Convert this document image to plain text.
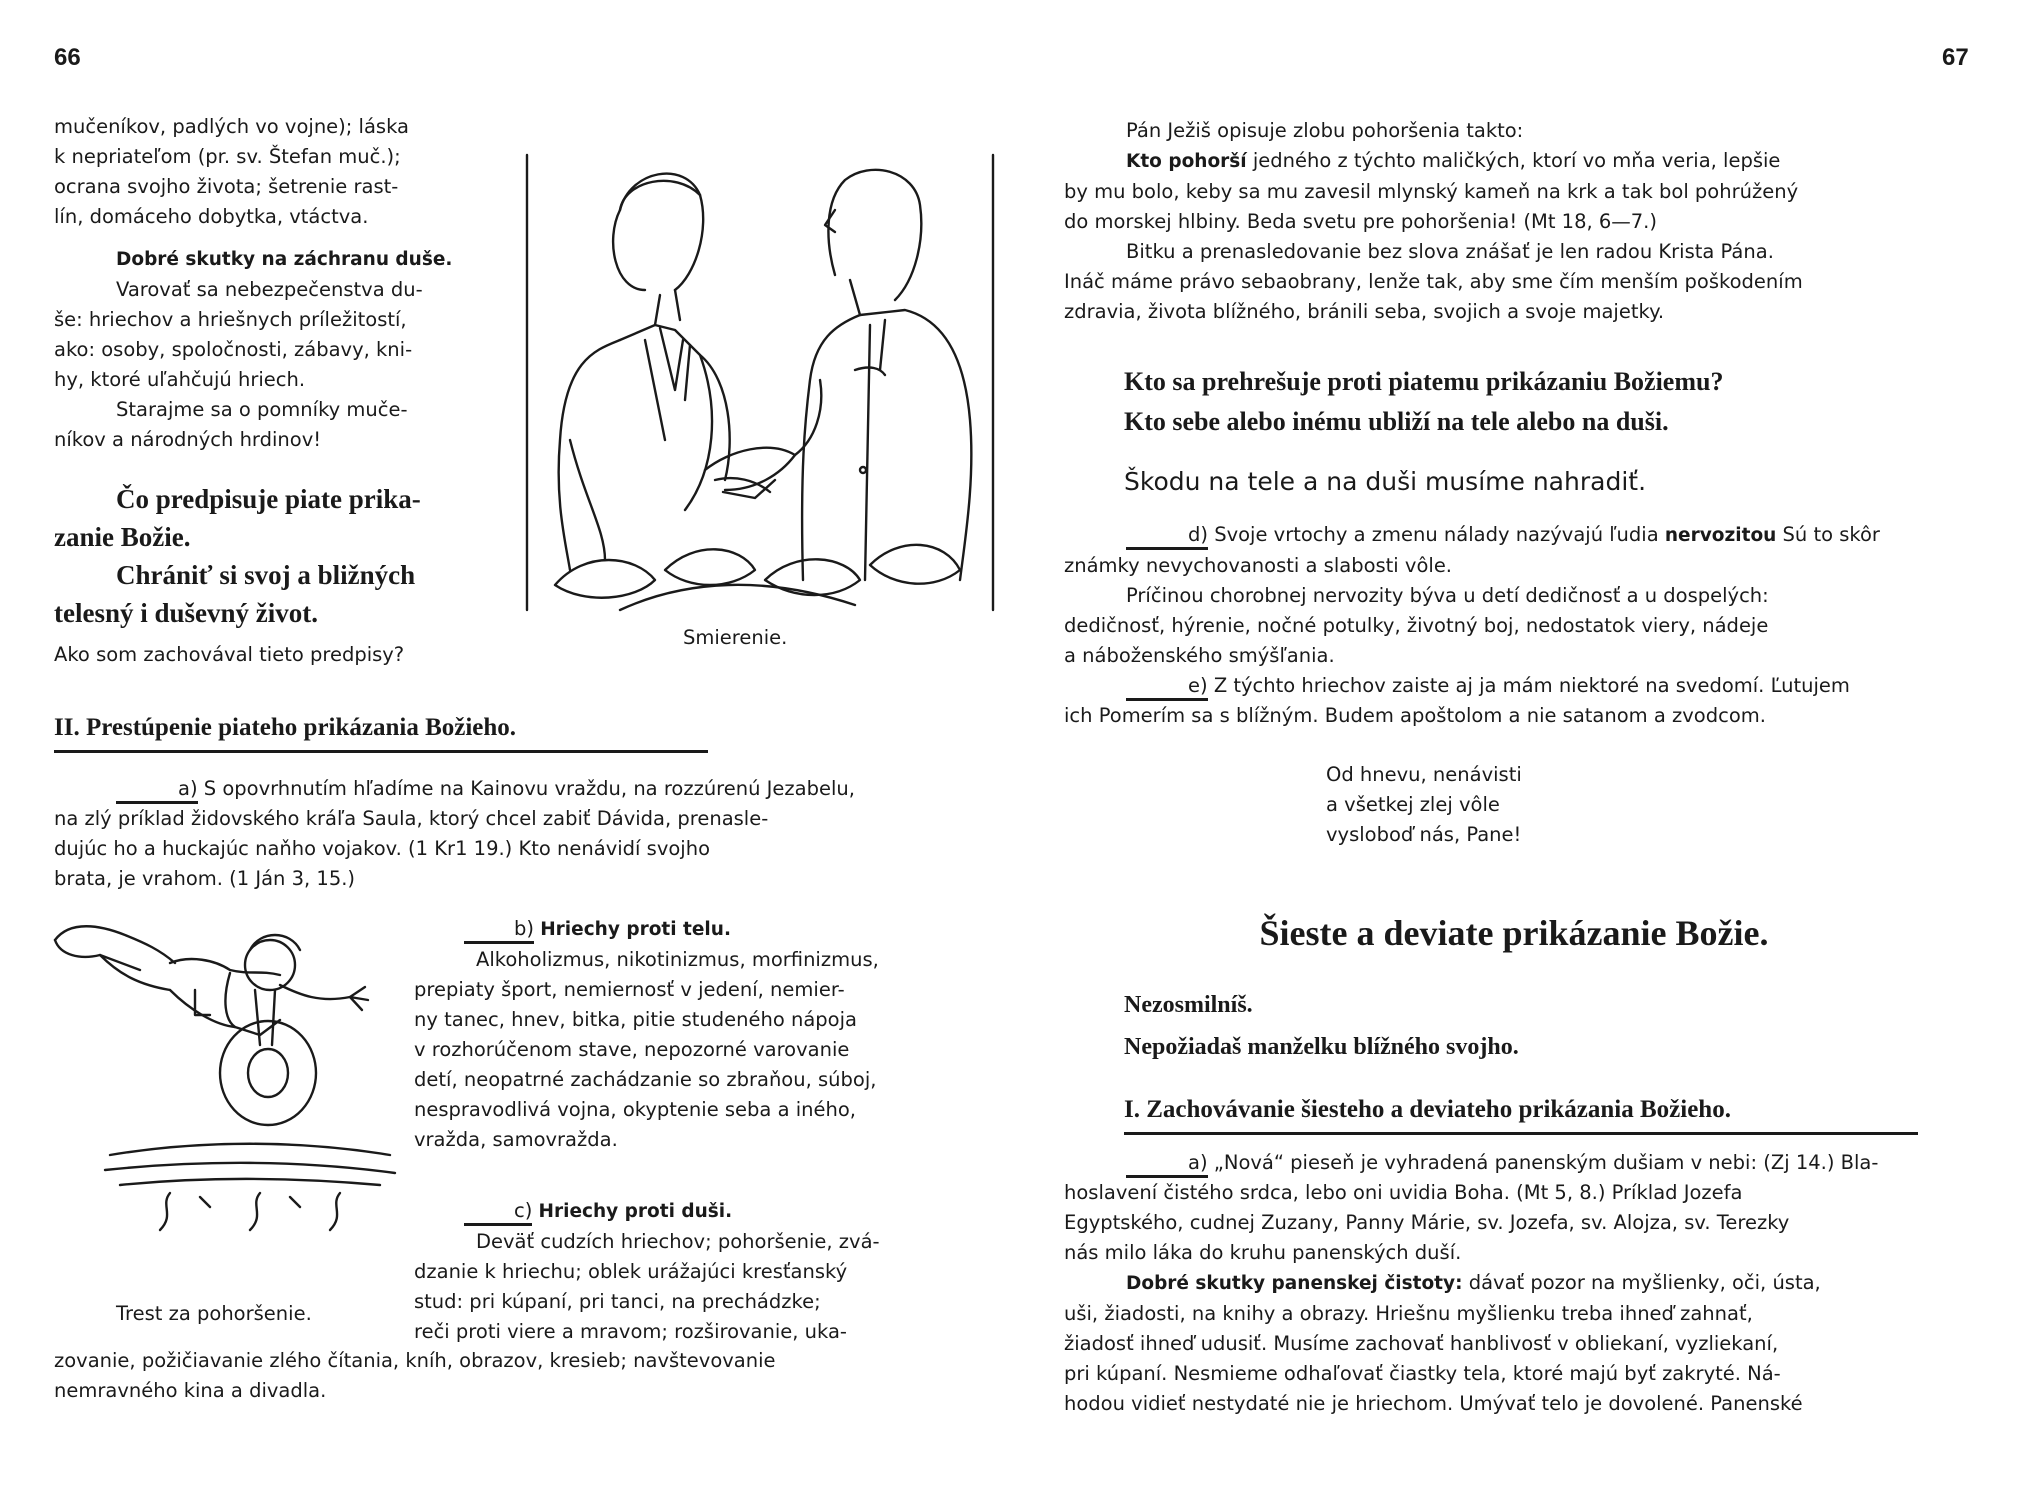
66

mučeníkov, padlých vo vojne); láska

k nepriateľom (pr. sv. Štefan muč.);

ocrana svojho života; šetrenie rast-

lín, domáceho dobytka, vtáctva.

Dobré skutky na záchranu duše.

Varovať sa nebezpečenstva du-

še: hriechov a hriešnych príležitostí,

ako: osoby, spoločnosti, zábavy, kni-

hy, ktoré uľahčujú hriech.

Starajme sa o pomníky muče-

níkov a národných hrdinov!

Čo predpisuje piate prika-

zanie Božie.

Chrániť si svoj a bližných

telesný i duševný život.

Ako som zachovával tieto predpisy?
Smierenie.
II. Prestúpenie piateho prikázania Božieho.

a) S opovrhnutím hľadíme na Kainovu vraždu, na rozzúrenú Jezabelu,

na zlý príklad židovského kráľa Saula, ktorý chcel zabiť Dávida, prenasle-

dujúc ho a huckajúc naňho vojakov. (1 Kr1 19.) Kto nenávidí svojho

brata, je vrahom. (1 Ján 3, 15.)

Trest za pohoršenie.

b) Hriechy proti telu.

Alkoholizmus, nikotinizmus, morfinizmus,

prepiaty šport, nemiernosť v jedení, nemier-

ny tanec, hnev, bitka, pitie studeného nápoja

v rozhorúčenom stave, nepozorné varovanie

detí, neopatrné zachádzanie so zbraňou, súboj,

nespravodlivá vojna, okyptenie seba a iného,

vražda, samovražda.

c) Hriechy proti duši.

Deväť cudzích hriechov; pohoršenie, zvá-

dzanie k hriechu; oblek urážajúci kresťanský

stud: pri kúpaní, pri tanci, na prechádzke;

reči proti viere a mravom; rozširovanie, uka-

zovanie, požičiavanie zlého čítania, kníh, obrazov, kresieb; navštevovanie

nemravného kina a divadla.

67

Pán Ježiš opisuje zlobu pohoršenia takto:

Kto pohorší jedného z týchto maličkých, ktorí vo mňa veria, lepšie

by mu bolo, keby sa mu zavesil mlynský kameň na krk a tak bol pohrúžený

do morskej hlbiny. Beda svetu pre pohoršenia! (Mt 18, 6—7.)

Bitku a prenasledovanie bez slova znášať je len radou Krista Pána.

Ináč máme právo sebaobrany, lenže tak, aby sme čím menším poškodením

zdravia, života blížného, bránili seba, svojich a svoje majetky.

Kto sa prehrešuje proti piatemu prikázaniu Božiemu?

Kto sebe alebo inému ubliží na tele alebo na duši.

Škodu na tele a na duši musíme nahradiť.

d) Svoje vrtochy a zmenu nálady nazývajú ľudia nervozitou Sú to skôr

známky nevychovanosti a slabosti vôle.

Príčinou chorobnej nervozity býva u detí dedičnosť a u dospelých:

dedičnosť, hýrenie, nočné potulky, životný boj, nedostatok viery, nádeje

a náboženského smýšľania.

e) Z týchto hriechov zaiste aj ja mám niektoré na svedomí. Ľutujem

ich Pomerím sa s blížným. Budem apoštolom a nie satanom a zvodcom.

Od hnevu, nenávisti

a všetkej zlej vôle

vysloboď nás, Pane!

Šieste a deviate prikázanie Božie.

Nezosmilníš.

Nepožiadaš manželku blížného svojho.

I. Zachovávanie šiesteho a deviateho prikázania Božieho.

a) „Nová“ pieseň je vyhradená panenským dušiam v nebi: (Zj 14.) Bla-

hoslavení čistého srdca, lebo oni uvidia Boha. (Mt 5, 8.) Príklad Jozefa

Egyptského, cudnej Zuzany, Panny Márie, sv. Jozefa, sv. Alojza, sv. Terezky

nás milo láka do kruhu panenských duší.

Dobré skutky panenskej čistoty: dávať pozor na myšlienky, oči, ústa,

uši, žiadosti, na knihy a obrazy. Hriešnu myšlienku treba ihneď zahnať,

žiadosť ihneď udusiť. Musíme zachovať hanblivosť v obliekaní, vyzliekaní,

pri kúpaní. Nesmieme odhaľovať čiastky tela, ktoré majú byť zakryté. Ná-

hodou vidieť nestydaté nie je hriechom. Umývať telo je dovolené. Panenské
